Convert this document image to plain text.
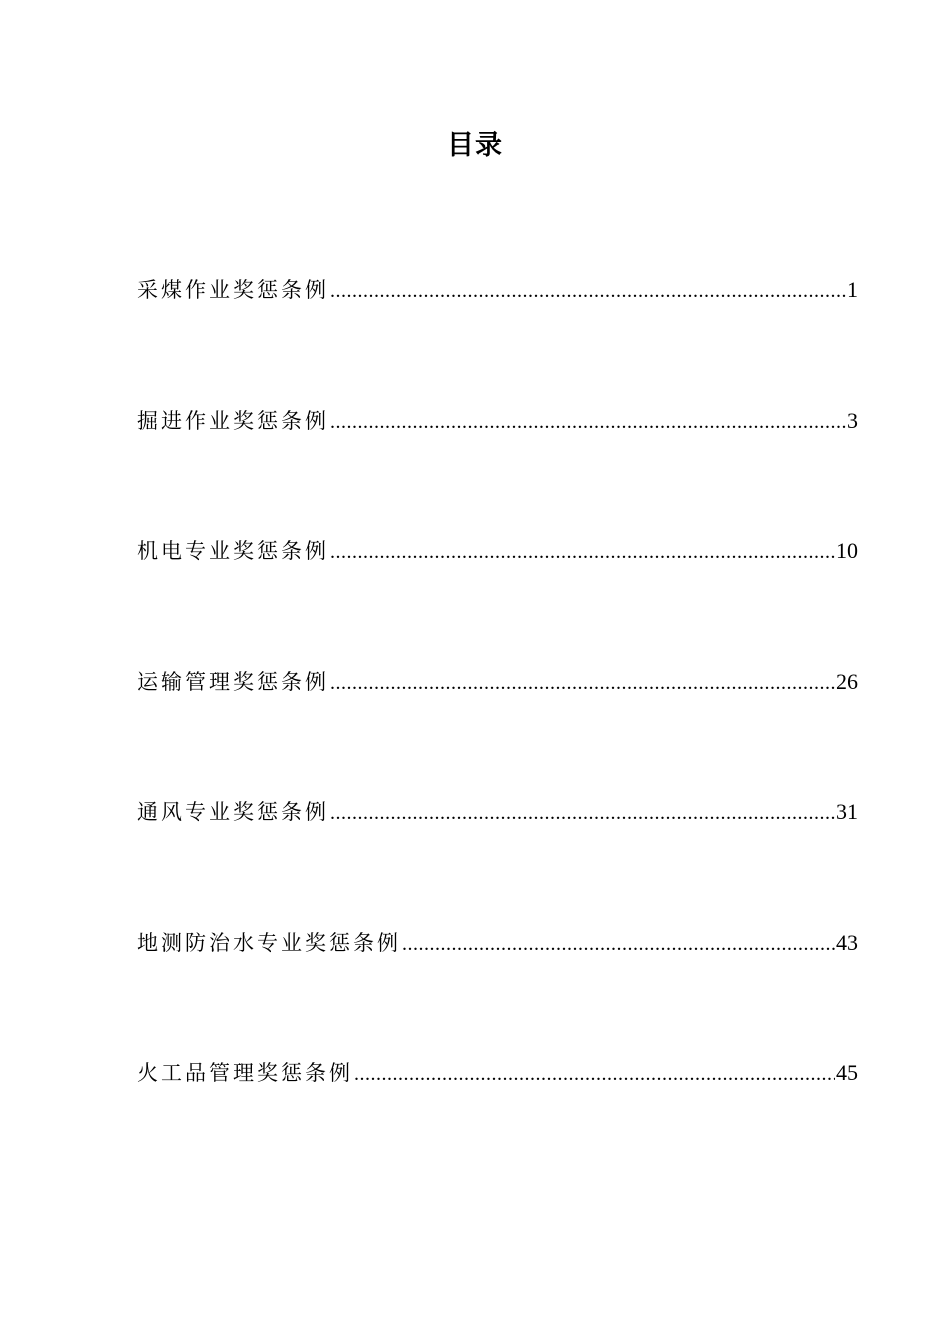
目录
采煤作业奖惩条例 .....	1
掘进作业奖惩条例 .....	3
机电专业奖惩条例 .....	10
运输管理奖惩条例 .....	26
通风专业奖惩条例 .....	31
地测防治水专业奖惩条例 .....	43
火工品管理奖惩条例 .....	45
